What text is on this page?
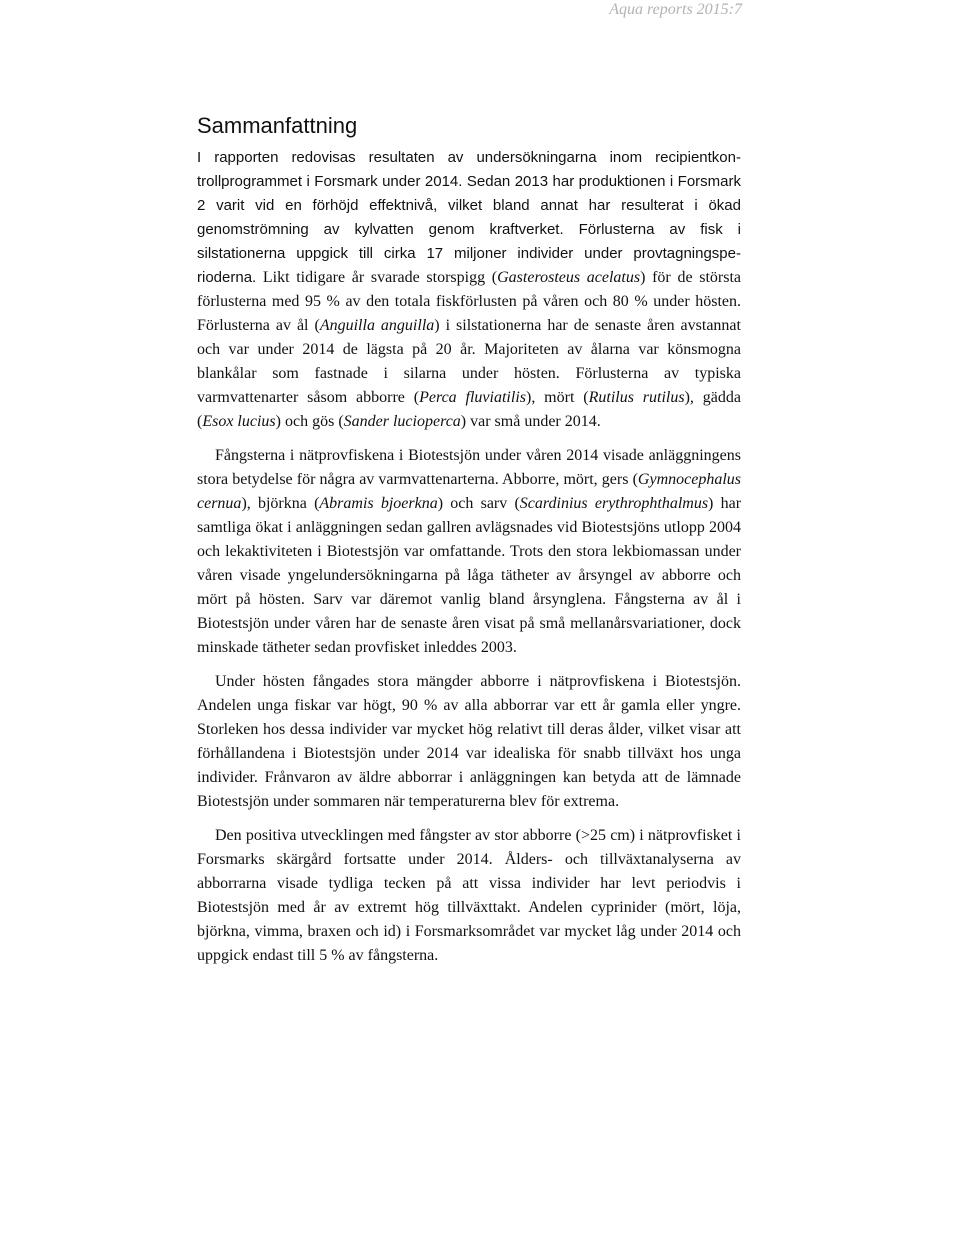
Aqua reports 2015:7
Sammanfattning

I rapporten redovisas resultaten av undersökningarna inom recipientkontrollprogrammet i Forsmark under 2014. Sedan 2013 har produktionen i Forsmark 2 varit vid en förhöjd effektnivå, vilket bland annat har resulterat i ökad genomströmning av kylvatten genom kraftverket. Förlusterna av fisk i silstationerna uppgick till cirka 17 miljoner individer under provtagningsperioderna. Likt tidigare år svarade storspigg (Gasterosteus acelatus) för de största förlusterna med 95 % av den totala fiskförlusten på våren och 80 % under hösten. Förlusterna av ål (Anguilla anguilla) i silstationerna har de senaste åren avstannat och var under 2014 de lägsta på 20 år. Majoriteten av ålarna var könsmogna blankålar som fastnade i silarna under hösten. Förlusterna av typiska varmvattenarter såsom abborre (Perca fluviatilis), mört (Rutilus rutilus), gädda (Esox lucius) och gös (Sander lucioperca) var små under 2014.

Fångsterna i nätprovfiskena i Biotestsjön under våren 2014 visade anläggningens stora betydelse för några av varmvattenarterna. Abborre, mört, gers (Gymnocephalus cernua), björkna (Abramis bjoerkna) och sarv (Scardinius erythrophthalmus) har samtliga ökat i anläggningen sedan gallren avlägsnades vid Biotestsjöns utlopp 2004 och lekaktiviteten i Biotestsjön var omfattande. Trots den stora lekbiomassan under våren visade yngelundersökningarna på låga tätheter av årsyngel av abborre och mört på hösten. Sarv var däremot vanlig bland årsynglena. Fångsterna av ål i Biotestsjön under våren har de senaste åren visat på små mellanårsvariationer, dock minskade tätheter sedan provfisket inleddes 2003.

Under hösten fångades stora mängder abborre i nätprovfiskena i Biotestsjön. Andelen unga fiskar var högt, 90 % av alla abborrar var ett år gamla eller yngre. Storleken hos dessa individer var mycket hög relativt till deras ålder, vilket visar att förhållandena i Biotestsjön under 2014 var idealiska för snabb tillväxt hos unga individer. Frånvaron av äldre abborrar i anläggningen kan betyda att de lämnade Biotestsjön under sommaren när temperaturerna blev för extrema.

Den positiva utvecklingen med fångster av stor abborre (>25 cm) i nätprovfisket i Forsmarks skärgård fortsatte under 2014. Ålders- och tillväxtanalyserna av abborrarna visade tydliga tecken på att vissa individer har levt periodvis i Biotestsjön med år av extremt hög tillväxttakt. Andelen cyprinider (mört, löja, björkna, vimma, braxen och id) i Forsmarksområdet var mycket låg under 2014 och uppgick endast till 5 % av fångsterna.
